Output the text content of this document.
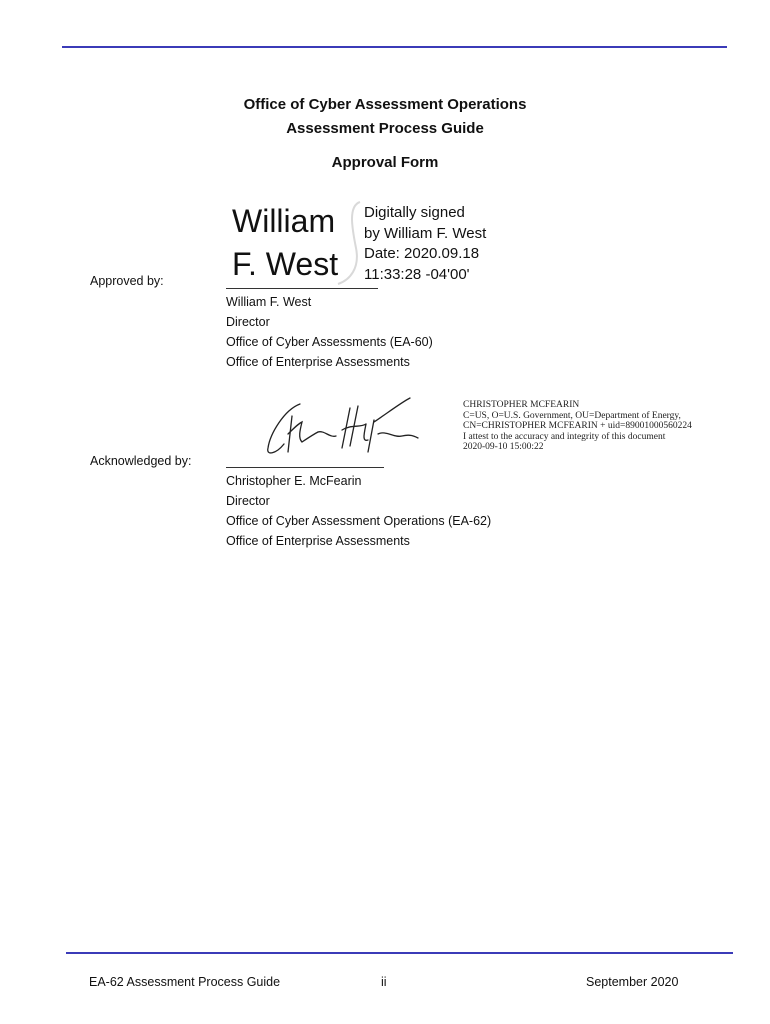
Office of Cyber Assessment Operations
Assessment Process Guide
Approval Form
Approved by:
William
F. West
Digitally signed
by William F. West
Date: 2020.09.18
11:33:28 -04'00'
William F. West
Director
Office of Cyber Assessments (EA-60)
Office of Enterprise Assessments
Acknowledged by:
CHRISTOPHER MCFEARIN
C=US, O=U.S. Government, OU=Department of Energy,
CN=CHRISTOPHER MCFEARIN + uid=89001000560224
I attest to the accuracy and integrity of this document
2020-09-10 15:00:22
Christopher E. McFearin
Director
Office of Cyber Assessment Operations (EA-62)
Office of Enterprise Assessments
EA-62 Assessment Process Guide	ii	September 2020
